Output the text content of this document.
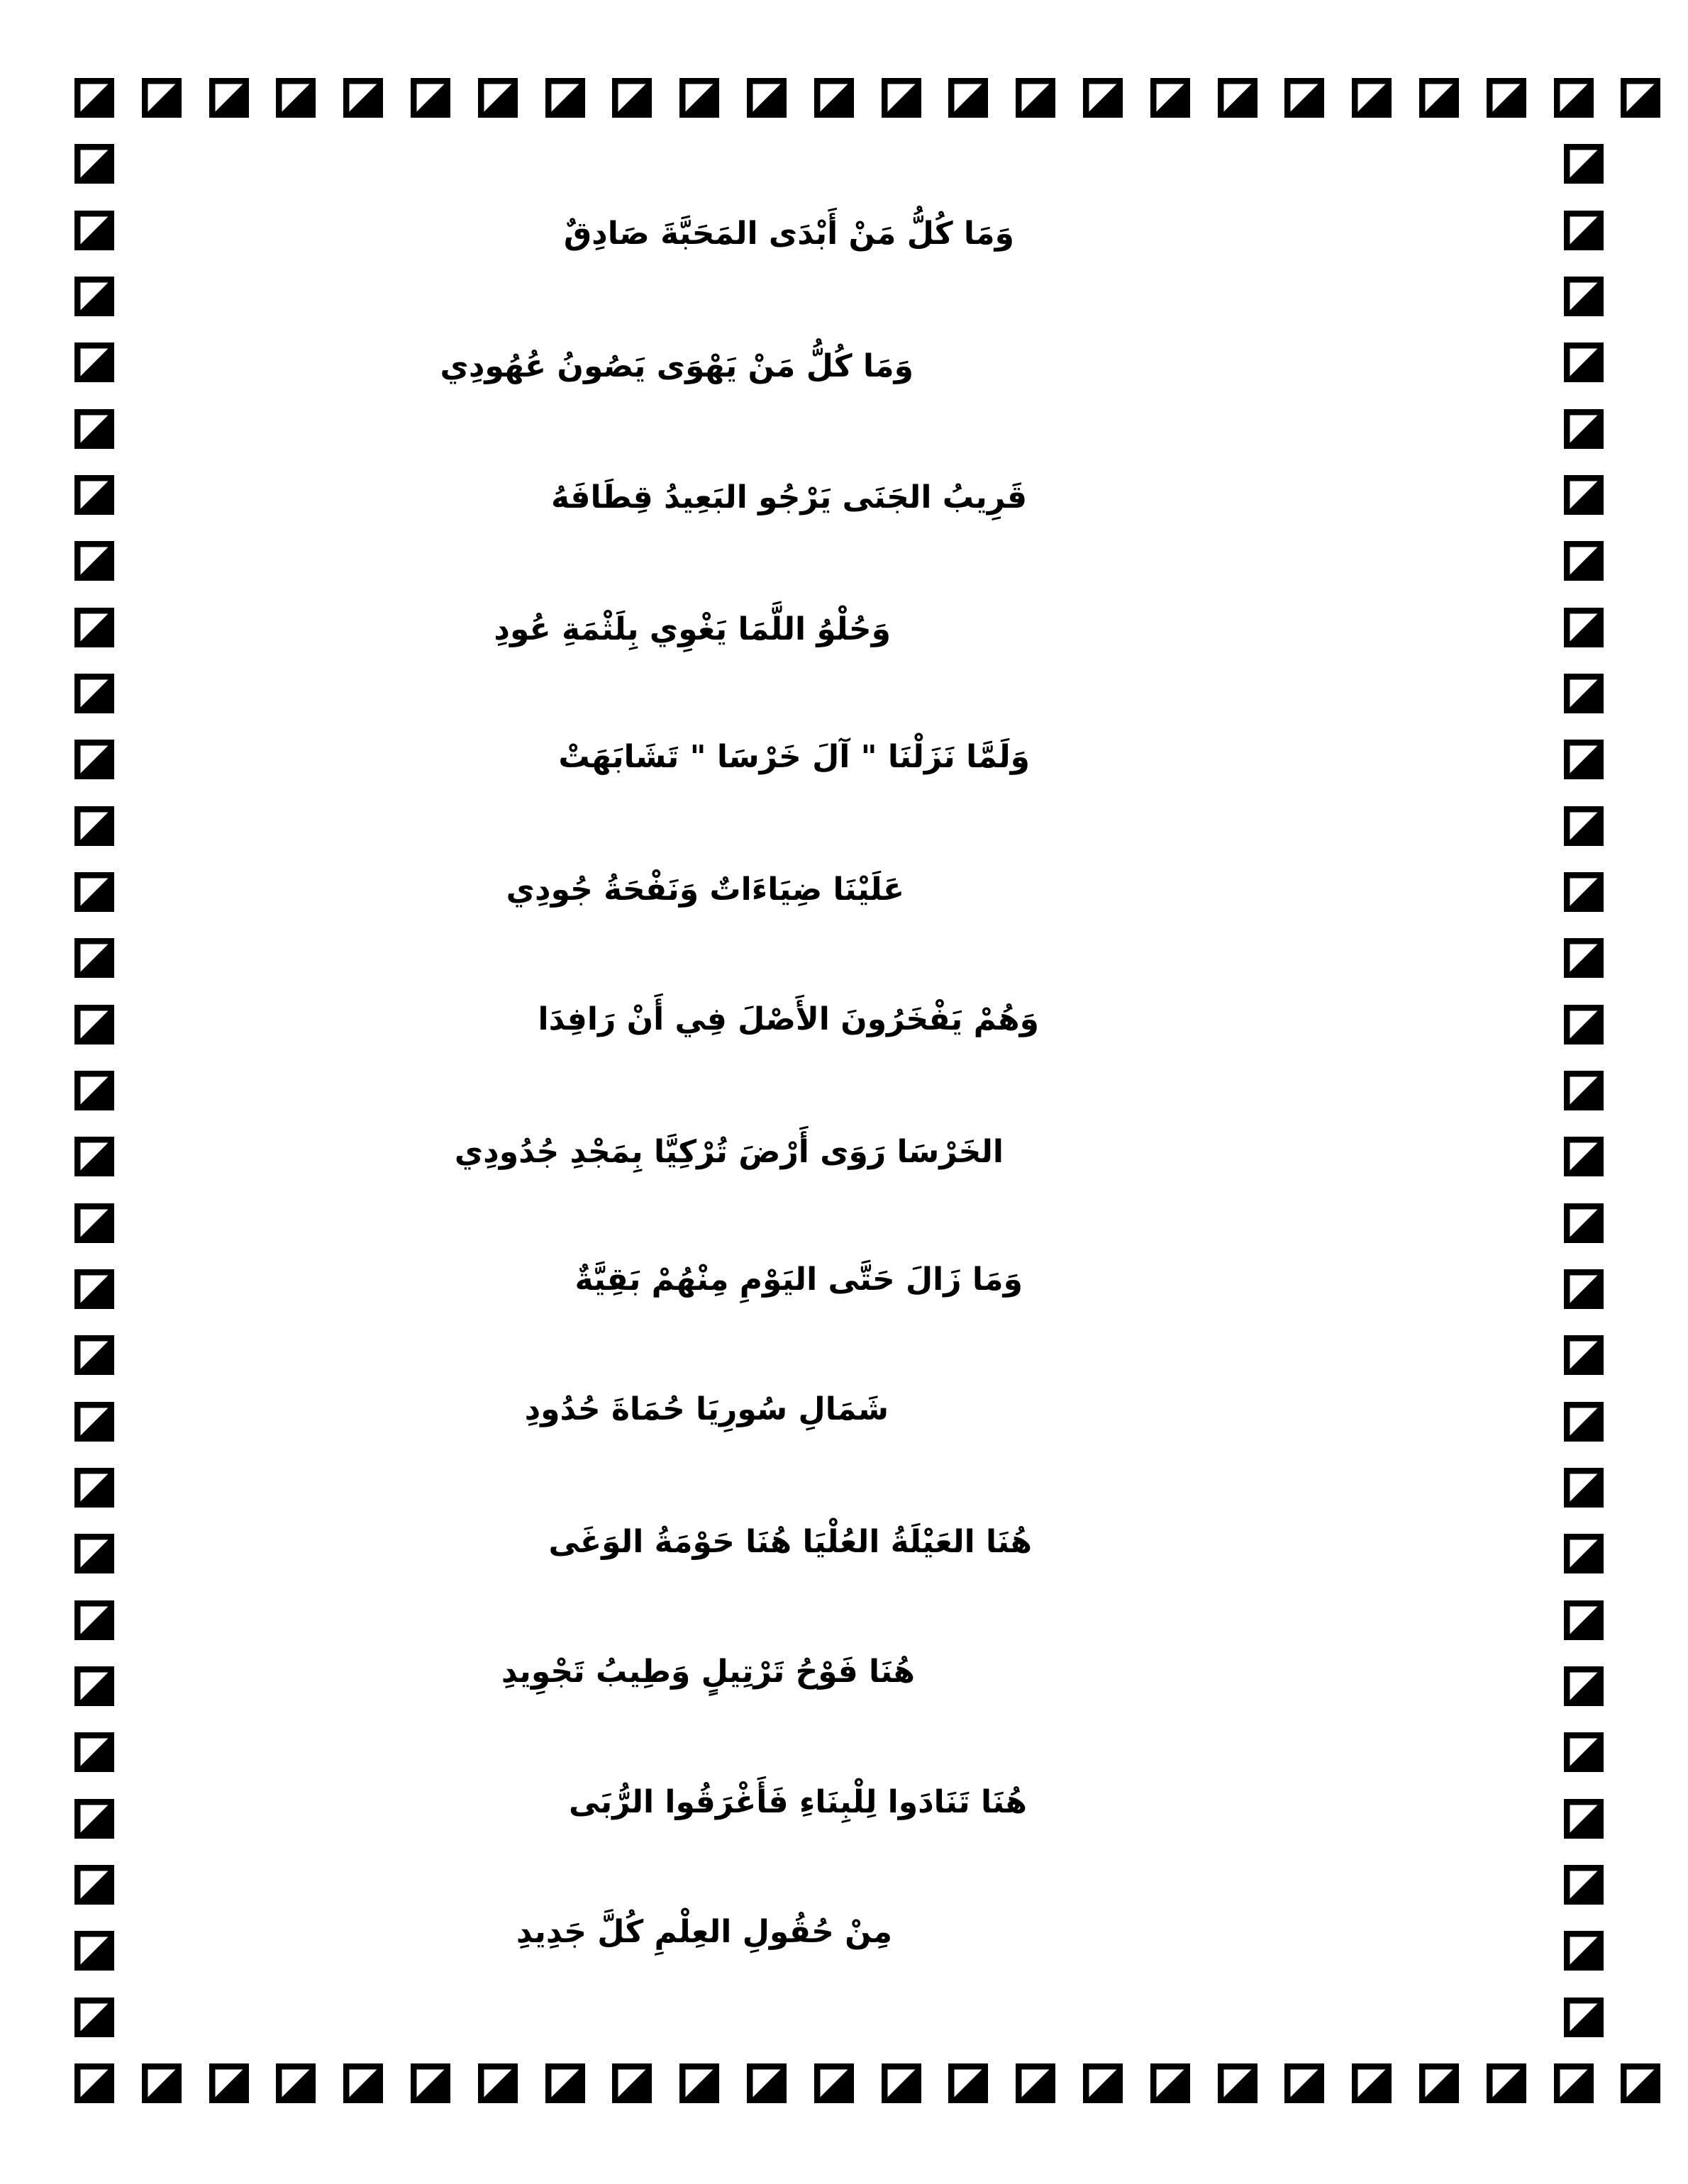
وَمَا كُلُّ مَنْ أَبْدَى المَحَبَّةَ صَادِقٌ
وَمَا كُلُّ مَنْ يَهْوَى يَصُونُ عُهُودِي
قَرِيبُ الجَنَى يَرْجُو البَعِيدُ قِطَافَهُ
وَحُلْوُ اللَّمَا يَغْوِي بِلَثْمَةِ عُودِ
وَلَمَّا نَزَلْنَا " آلَ خَرْسَا " تَشَابَهَتْ
عَلَيْنَا ضِيَاءَاتٌ وَنَفْحَةُ جُودِي
وَهُمْ يَفْخَرُونَ الأَصْلَ فِي أَنْ رَافِدَا
الخَرْسَا رَوَى أَرْضَ تُرْكِيَّا بِمَجْدِ جُدُودِي
وَمَا زَالَ حَتَّى اليَوْمِ مِنْهُمْ بَقِيَّةٌ
شَمَالِ سُورِيَا حُمَاةَ حُدُودِ
هُنَا العَيْلَةُ العُلْيَا هُنَا حَوْمَةُ الوَغَى
هُنَا فَوْحُ تَرْتِيلٍ وَطِيبُ تَجْوِيدِ
هُنَا تَنَادَوا لِلْبِنَاءِ فَأَغْرَقُوا الرُّبَى
مِنْ حُقُولِ العِلْمِ كُلَّ جَدِيدِ
